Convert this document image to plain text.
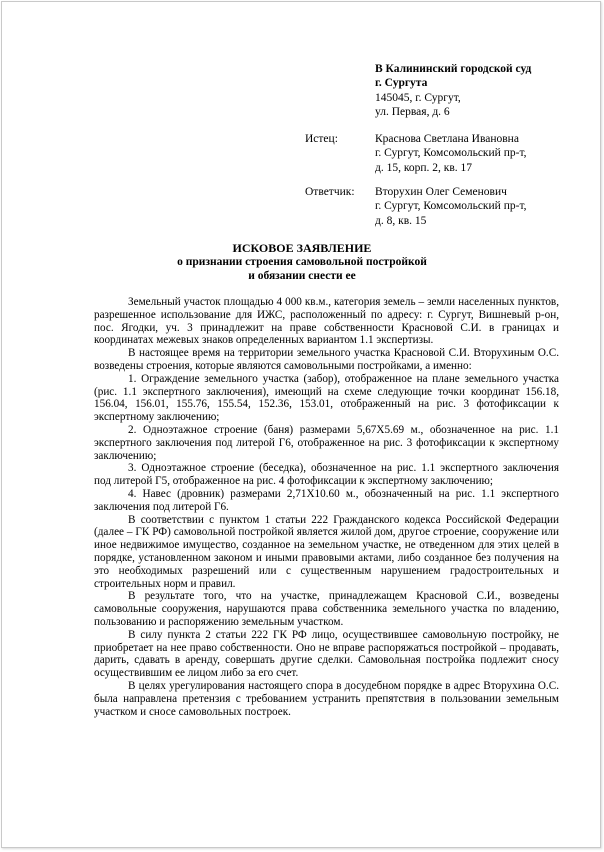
В Калининский городской суд
г. Сургута
145045, г. Сургут,
ул. Первая, д. 6
Истец:	Краснова Светлана Ивановна
г. Сургут, Комсомольский пр-т,
д. 15, корп. 2, кв. 17
Ответчик: Вторухин Олег Семенович
г. Сургут, Комсомольский пр-т,
д. 8, кв. 15
ИСКОВОЕ ЗАЯВЛЕНИЕ
о признании строения самовольной постройкой
и обязании снести ее

Земельный участок площадью 4 000 кв.м., категория земель – земли населенных пунктов, разрешенное использование для ИЖС, расположенный по адресу: г. Сургут, Вишневый р-он, пос. Ягодки, уч. 3 принадлежит на праве собственности Красновой С.И. в границах и координатах межевых знаков определенных вариантом 1.1 экспертизы.

В настоящее время на территории земельного участка Красновой С.И. Вторухиным О.С. возведены строения, которые являются самовольными постройками, а именно:

1. Ограждение земельного участка (забор), отображенное на плане земельного участка (рис. 1.1 экспертного заключения), имеющий на схеме следующие точки координат 156.18, 156.04, 156.01, 155.76, 155.54, 152.36, 153.01, отображенный на рис. 3 фотофиксации к экспертному заключению;

2. Одноэтажное строение (баня) размерами 5,67X5.69 м., обозначенное на рис. 1.1 экспертного заключения под литерой Г6, отображенное на рис. 3 фотофиксации к экспертному заключению;

3. Одноэтажное строение (беседка), обозначенное на рис. 1.1 экспертного заключения под литерой Г5, отображенное на рис. 4 фотофиксации к экспертному заключению;

4. Навес (дровник) размерами 2,71X10.60 м., обозначенный на рис. 1.1 экспертного заключения под литерой Г6.

В соответствии с пунктом 1 статьи 222 Гражданского кодекса Российской Федерации (далее – ГК РФ) самовольной постройкой является жилой дом, другое строение, сооружение или иное недвижимое имущество, созданное на земельном участке, не отведенном для этих целей в порядке, установленном законом и иными правовыми актами, либо созданное без получения на это необходимых разрешений или с существенным нарушением градостроительных и строительных норм и правил.

В результате того, что на участке, принадлежащем Красновой С.И., возведены самовольные сооружения, нарушаются права собственника земельного участка по владению, пользованию и распоряжению земельным участком.

В силу пункта 2 статьи 222 ГК РФ лицо, осуществившее самовольную постройку, не приобретает на нее право собственности. Оно не вправе распоряжаться постройкой – продавать, дарить, сдавать в аренду, совершать другие сделки. Самовольная постройка подлежит сносу осуществившим ее лицом либо за его счет.

В целях урегулирования настоящего спора в досудебном порядке в адрес Вторухина О.С. была направлена претензия с требованием устранить препятствия в пользовании земельным участком и сносе самовольных построек.
